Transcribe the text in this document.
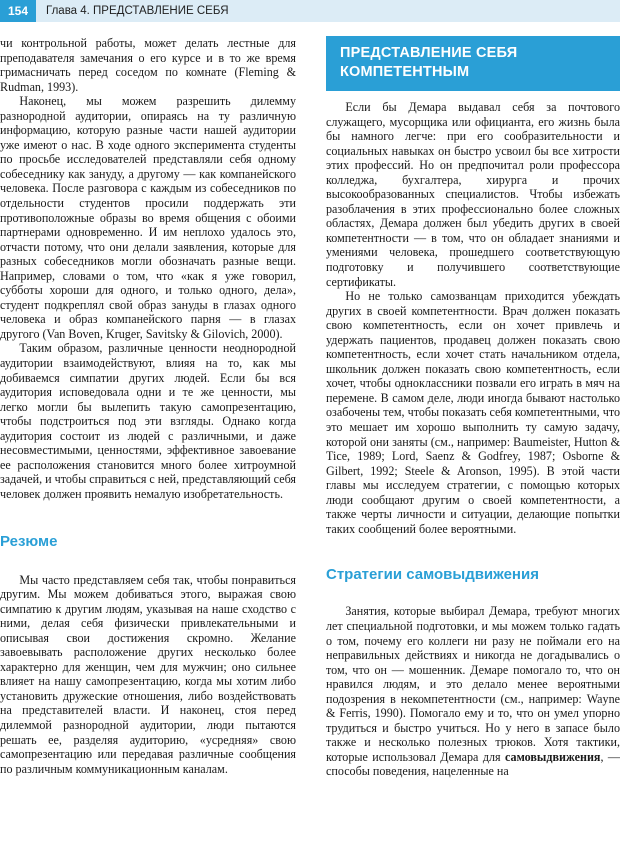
154	Глава 4. ПРЕДСТАВЛЕНИЕ СЕБЯ

чи контрольной работы, может делать лестные для преподавателя замечания о его курсе и в то же время гримасничать перед соседом по комнате (Fleming & Rudman, 1993).

Наконец, мы можем разрешить дилемму разнородной аудитории, опираясь на ту различную информацию, которую разные части нашей аудитории уже имеют о нас. В ходе одного эксперимента студенты по просьбе исследователей представляли себя одному собеседнику как зануду, а другому — как компанейского человека. После разговора с каждым из собеседников по отдельности студентов просили поддержать эти противоположные образы во время общения с обоими партнерами одновременно. И им неплохо удалось это, отчасти потому, что они делали заявления, которые для разных собеседников могли обозначать разные вещи. Например, словами о том, что «как я уже говорил, субботы хороши для одного, и только одного, дела», студент подкреплял свой образ зануды в глазах одного человека и образ компанейского парня — в глазах другого (Van Boven, Kruger, Savitsky & Gilovich, 2000).

Таким образом, различные ценности неоднородной аудитории взаимодействуют, влияя на то, как мы добиваемся симпатии других людей. Если бы вся аудитория исповедовала одни и те же ценности, мы легко могли бы вылепить такую самопрезентацию, чтобы подстроиться под эти взгляды. Однако когда аудитория состоит из людей с различными, и даже несовместимыми, ценностями, эффективное завоевание ее расположения становится много более хитроумной задачей, и чтобы справиться с ней, представляющий себя человек должен проявить немалую изобретательность.

Резюме

Мы часто представляем себя так, чтобы понравиться другим. Мы можем добиваться этого, выражая свою симпатию к другим людям, указывая на наше сходство с ними, делая себя физически привлекательными и описывая свои достижения скромно. Желание завоевывать расположение других несколько более характерно для женщин, чем для мужчин; оно сильнее влияет на нашу самопрезентацию, когда мы хотим либо установить дружеские отношения, либо воздействовать на представителей власти. И наконец, стоя перед дилеммой разнородной аудитории, люди пытаются решать ее, разделяя аудиторию, «усредняя» свою самопрезентацию или передавая различные сообщения по различным коммуникационным каналам.

ПРЕДСТАВЛЕНИЕ СЕБЯ
КОМПЕТЕНТНЫМ

Если бы Демара выдавал себя за почтового служащего, мусорщика или официанта, его жизнь была бы намного легче: при его сообразительности и социальных навыках он быстро усвоил бы все хитрости этих профессий. Но он предпочитал роли профессора колледжа, бухгалтера, хирурга и прочих высокообразованных специалистов. Чтобы избежать разоблачения в этих профессионально более сложных областях, Демара должен был убедить других в своей компетентности — в том, что он обладает знаниями и умениями человека, прошедшего соответствующую подготовку и получившего соответствующие сертификаты.

Но не только самозванцам приходится убеждать других в своей компетентности. Врач должен показать свою компетентность, если он хочет привлечь и удержать пациентов, продавец должен показать свою компетентность, если хочет стать начальником отдела, школьник должен показать свою компетентность, если хочет, чтобы одноклассники позвали его играть в мяч на перемене. В самом деле, люди иногда бывают настолько озабочены тем, чтобы показать себя компетентными, что это мешает им хорошо выполнить ту самую задачу, которой они заняты (см., например: Baumeister, Hutton & Tice, 1989; Lord, Saenz & Godfrey, 1987; Osborne & Gilbert, 1992; Steele & Aronson, 1995). В этой части главы мы исследуем стратегии, с помощью которых люди сообщают другим о своей компетентности, а также черты личности и ситуации, делающие попытки таких сообщений более вероятными.

Стратегии самовыдвижения

Занятия, которые выбирал Демара, требуют многих лет специальной подготовки, и мы можем только гадать о том, почему его коллеги ни разу не поймали его на неправильных действиях и никогда не догадывались о том, что он — мошенник. Демаре помогало то, что он нравился людям, и это делало менее вероятными подозрения в некомпетентности (см., например: Wayne & Ferris, 1990). Помогало ему и то, что он умел упорно трудиться и быстро учиться. Но у него в запасе было также и несколько полезных трюков. Хотя тактики, которые использовал Демара для самовыдвижения, — способы поведения, нацеленные на
